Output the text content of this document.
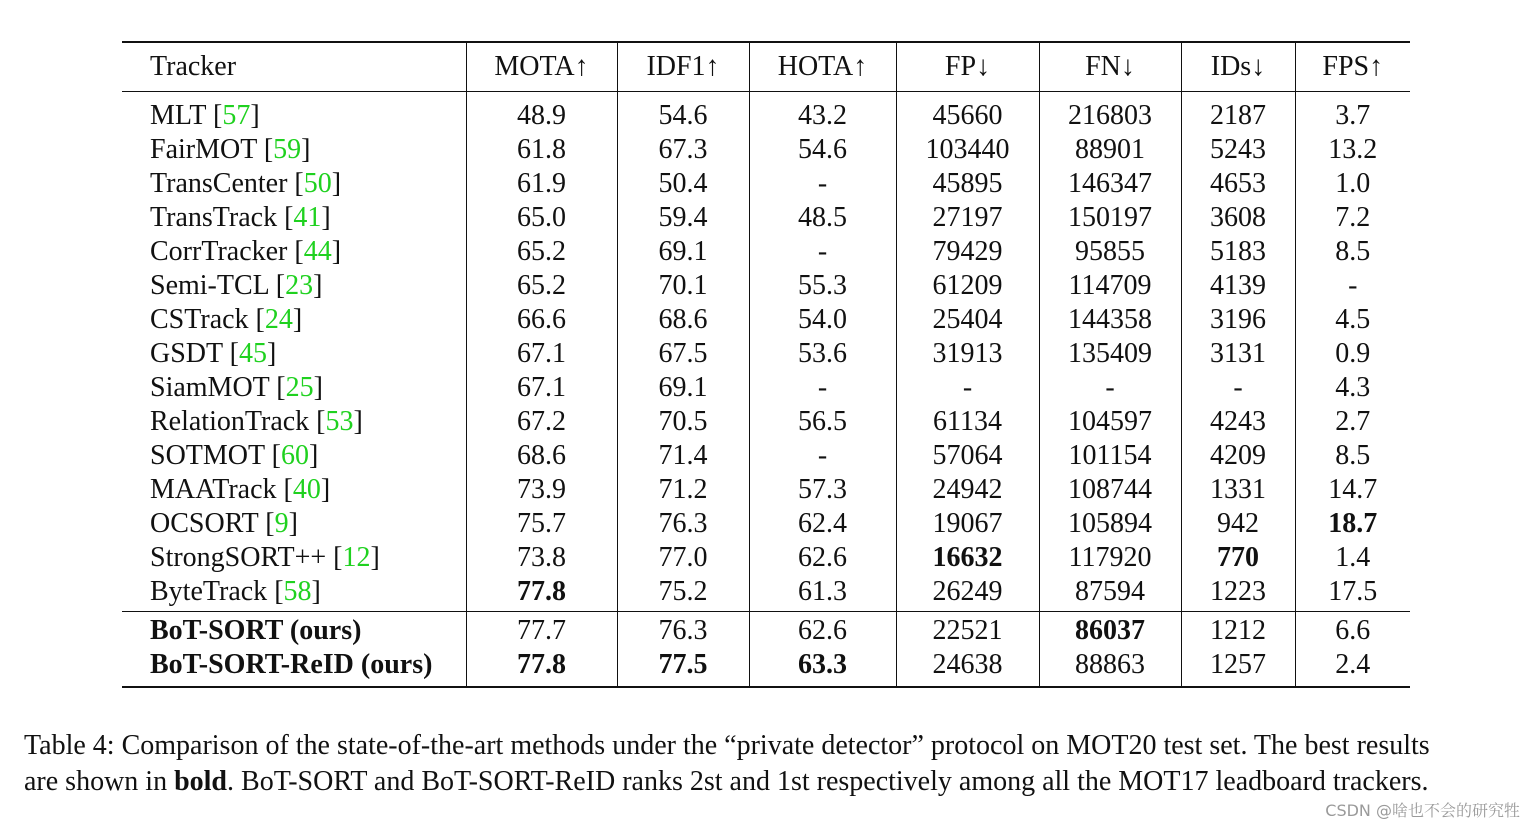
Tracker	MOTA↑	IDF1↑	HOTA↑	FP↓	FN↓	IDs↓	FPS↑
MLT [57]	48.9	54.6	43.2	45660	216803	2187	3.7
FairMOT [59]	61.8	67.3	54.6	103440	88901	5243	13.2
TransCenter [50]	61.9	50.4	-	45895	146347	4653	1.0
TransTrack [41]	65.0	59.4	48.5	27197	150197	3608	7.2
CorrTracker [44]	65.2	69.1	-	79429	95855	5183	8.5
Semi-TCL [23]	65.2	70.1	55.3	61209	114709	4139	-
CSTrack [24]	66.6	68.6	54.0	25404	144358	3196	4.5
GSDT [45]	67.1	67.5	53.6	31913	135409	3131	0.9
SiamMOT [25]	67.1	69.1	-	-	-	-	4.3
RelationTrack [53]	67.2	70.5	56.5	61134	104597	4243	2.7
SOTMOT [60]	68.6	71.4	-	57064	101154	4209	8.5
MAATrack [40]	73.9	71.2	57.3	24942	108744	1331	14.7
OCSORT [9]	75.7	76.3	62.4	19067	105894	942	18.7
StrongSORT++ [12]	73.8	77.0	62.6	16632	117920	770	1.4
ByteTrack [58]	77.8	75.2	61.3	26249	87594	1223	17.5
BoT-SORT (ours)	77.7	76.3	62.6	22521	86037	1212	6.6
BoT-SORT-ReID (ours)	77.8	77.5	63.3	24638	88863	1257	2.4
Table 4: Comparison of the state-of-the-art methods under the “private detector” protocol on MOT20 test set. The best results
are shown in bold. BoT-SORT and BoT-SORT-ReID ranks 2st and 1st respectively among all the MOT17 leadboard trackers.
CSDN @啥也不会的研究牲
